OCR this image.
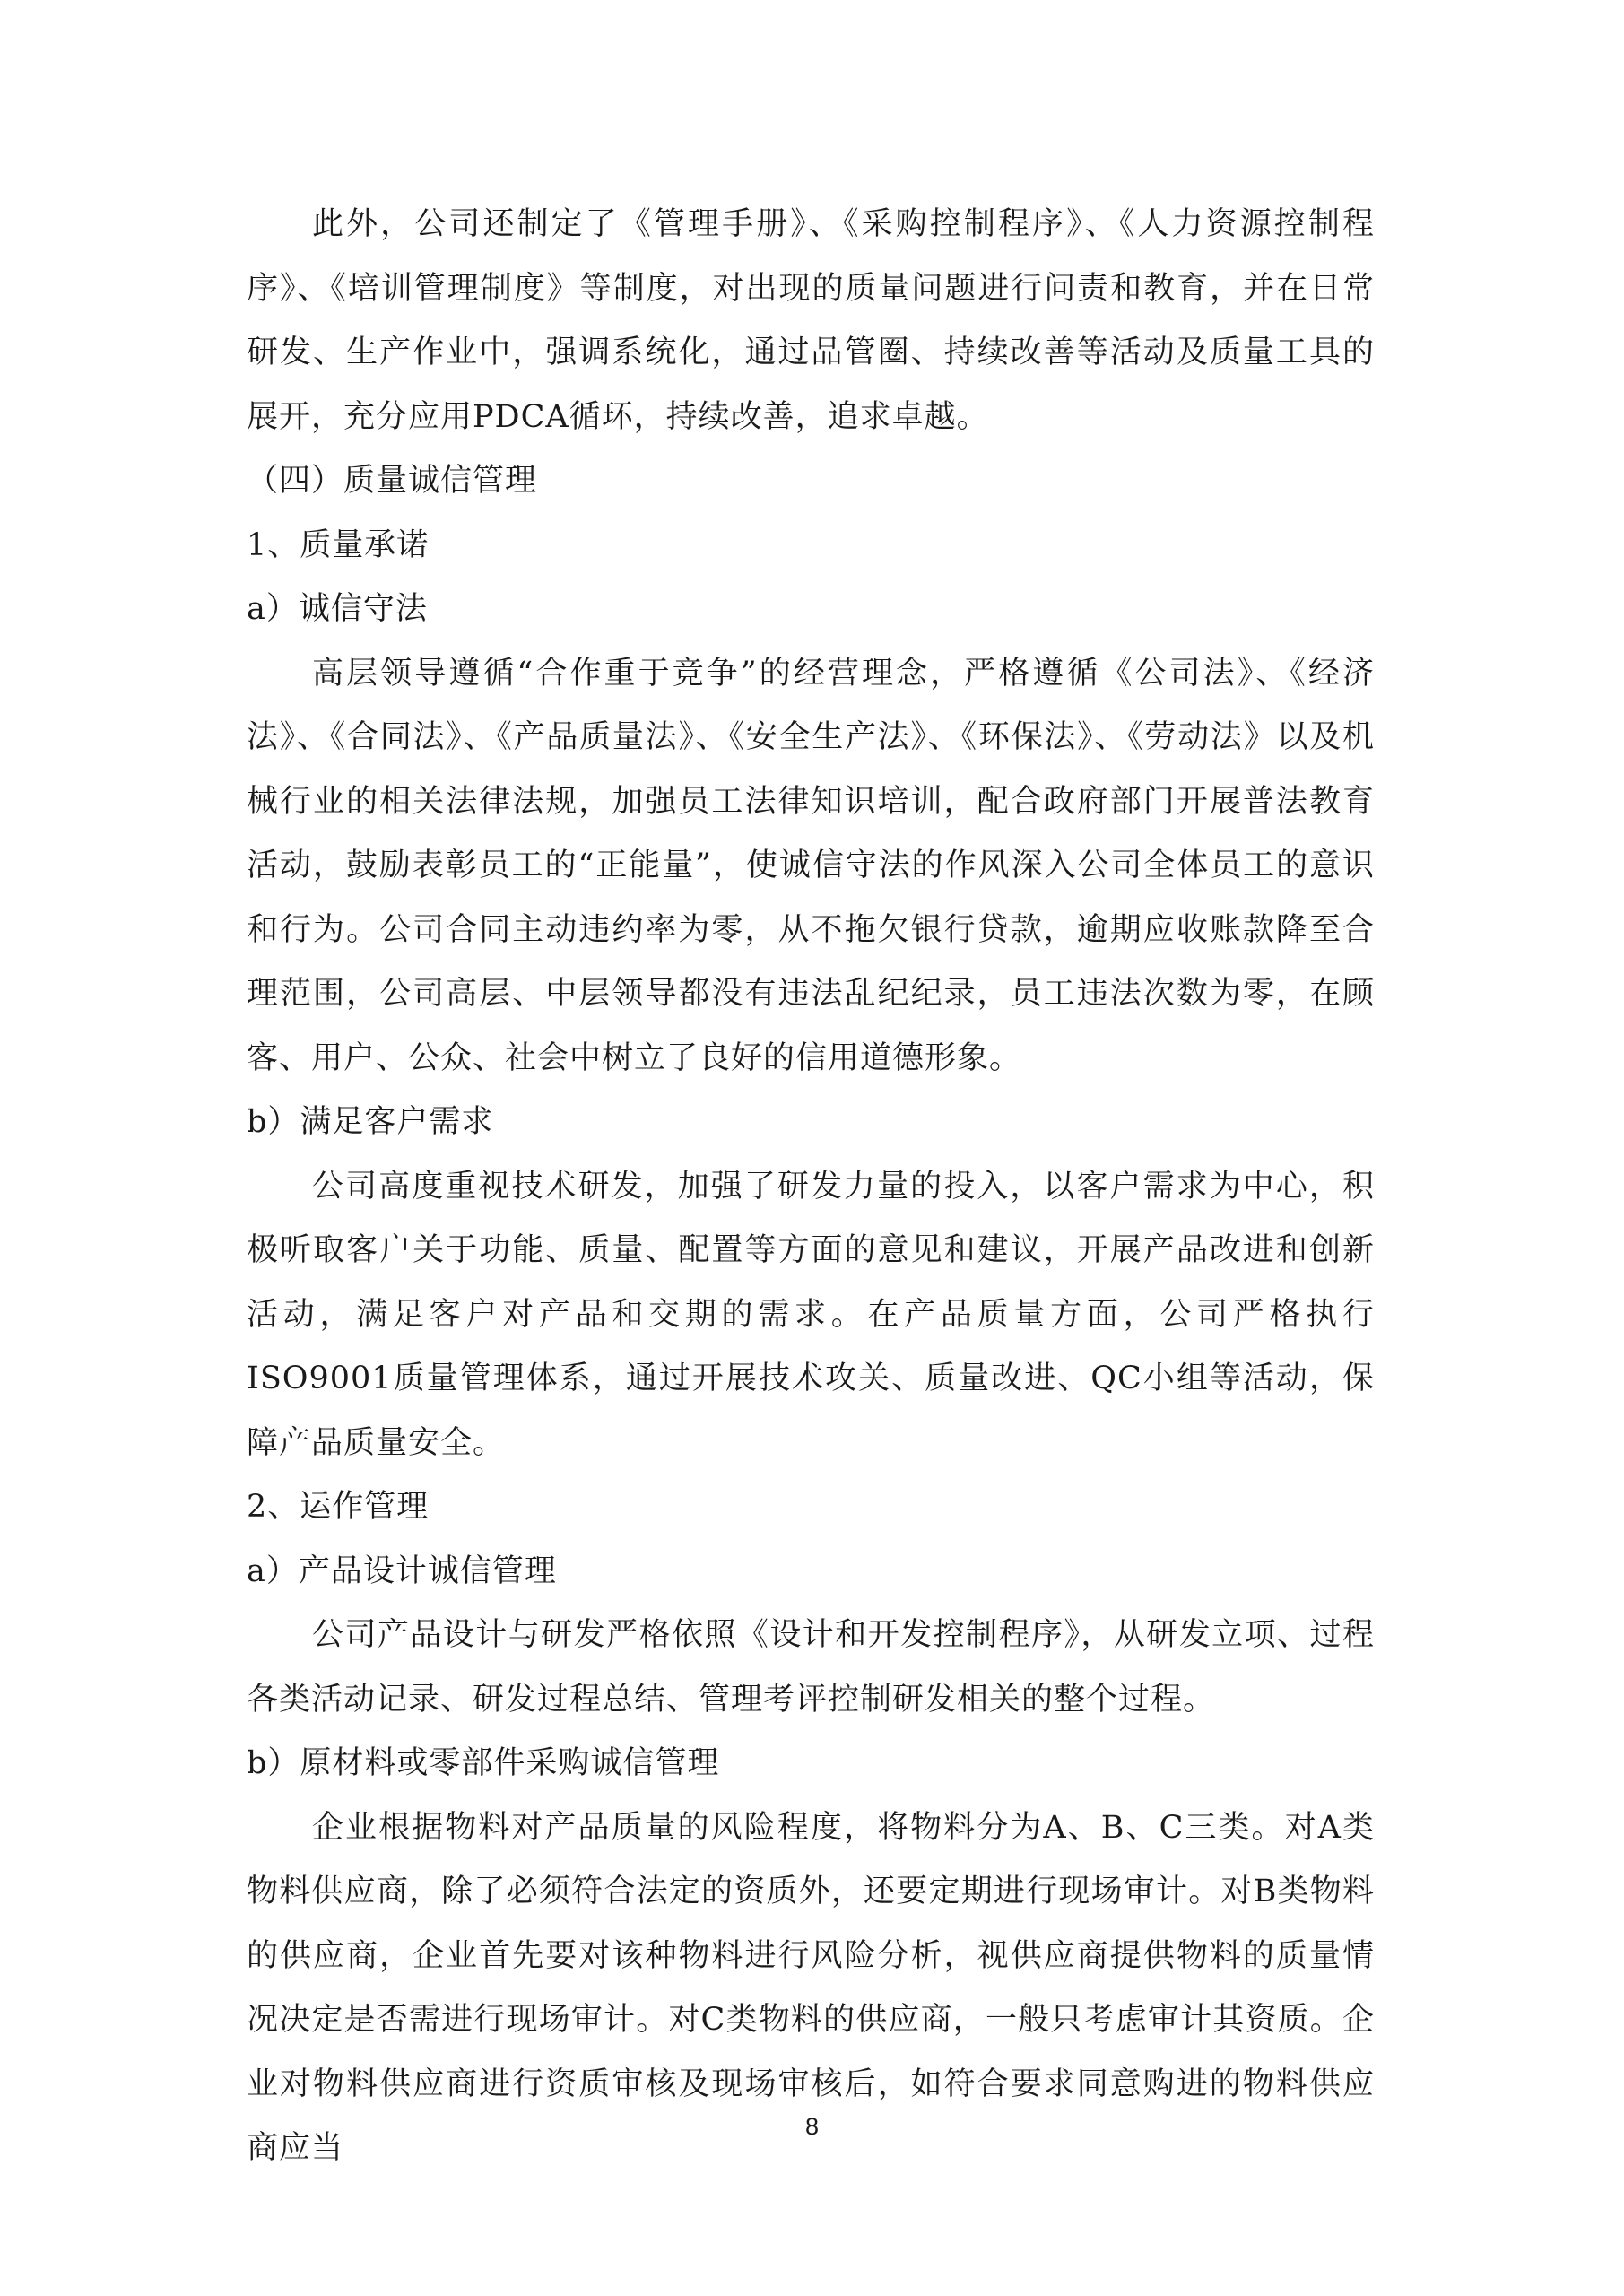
此外，公司还制定了《管理手册》、《采购控制程序》、《人力资源控制程序》、《培训管理制度》等制度，对出现的质量问题进行问责和教育，并在日常研发、生产作业中，强调系统化，通过品管圈、持续改善等活动及质量工具的展开，充分应用PDCA循环，持续改善，追求卓越。

（四）质量诚信管理

1、质量承诺

a）诚信守法

高层领导遵循“合作重于竞争”的经营理念，严格遵循《公司法》、《经济法》、《合同法》、《产品质量法》、《安全生产法》、《环保法》、《劳动法》以及机械行业的相关法律法规，加强员工法律知识培训，配合政府部门开展普法教育活动，鼓励表彰员工的“正能量”，使诚信守法的作风深入公司全体员工的意识和行为。公司合同主动违约率为零，从不拖欠银行贷款，逾期应收账款降至合理范围，公司高层、中层领导都没有违法乱纪纪录，员工违法次数为零，在顾客、用户、公众、社会中树立了良好的信用道德形象。

b）满足客户需求

公司高度重视技术研发，加强了研发力量的投入，以客户需求为中心，积极听取客户关于功能、质量、配置等方面的意见和建议，开展产品改进和创新活动，满足客户对产品和交期的需求。在产品质量方面，公司严格执行ISO9001质量管理体系，通过开展技术攻关、质量改进、QC小组等活动，保障产品质量安全。

2、运作管理

a）产品设计诚信管理

公司产品设计与研发严格依照《设计和开发控制程序》，从研发立项、过程各类活动记录、研发过程总结、管理考评控制研发相关的整个过程。

b）原材料或零部件采购诚信管理

企业根据物料对产品质量的风险程度，将物料分为A、B、C三类。对A类物料供应商，除了必须符合法定的资质外，还要定期进行现场审计。对B类物料的供应商，企业首先要对该种物料进行风险分析，视供应商提供物料的质量情况决定是否需进行现场审计。对C类物料的供应商，一般只考虑审计其资质。企业对物料供应商进行资质审核及现场审核后，如符合要求同意购进的物料供应商应当

8
